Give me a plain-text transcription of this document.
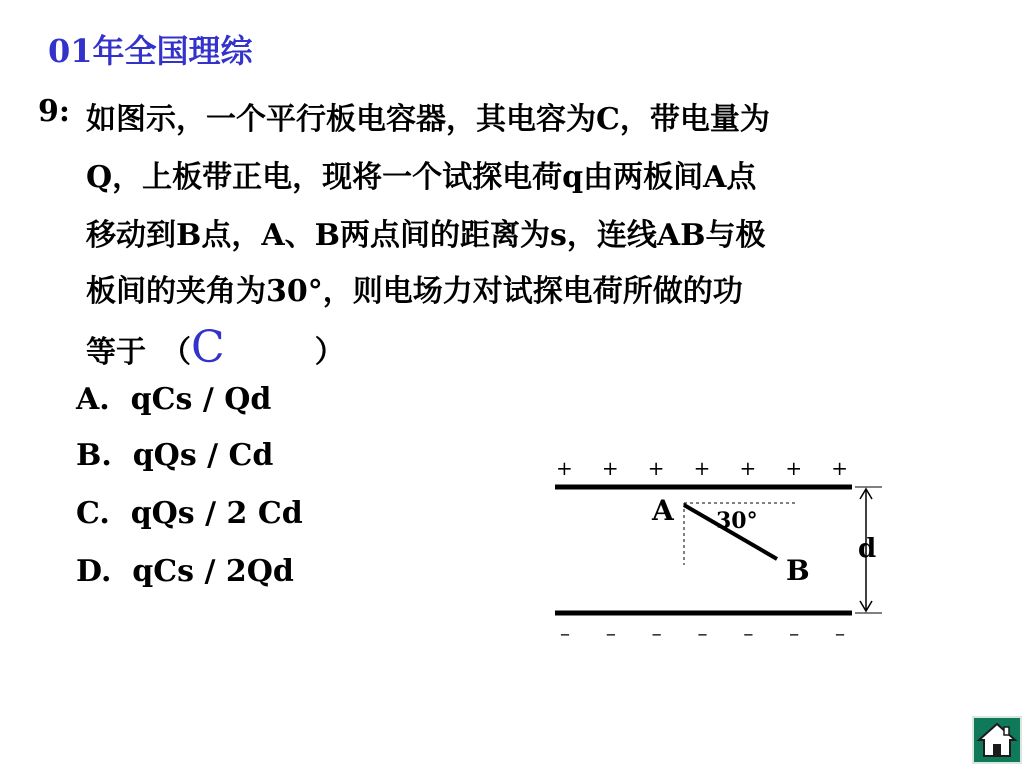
01年全国理综
9: 如图示，一个平行板电容器，其电容为C，带电量为
Q，上板带正电，现将一个试探电荷q由两板间A点
移动到B点，A、B两点间的距离为s，连线AB与极
板间的夹角为30°，则电场力对试探电荷所做的功
等于　（C	）
A. qCs / Qd
B. qQs / Cd
C. qQs / 2 Cd
D. qCs / 2Qd
+ + + + + + +
– – – – – – –
d
A
B
30°
